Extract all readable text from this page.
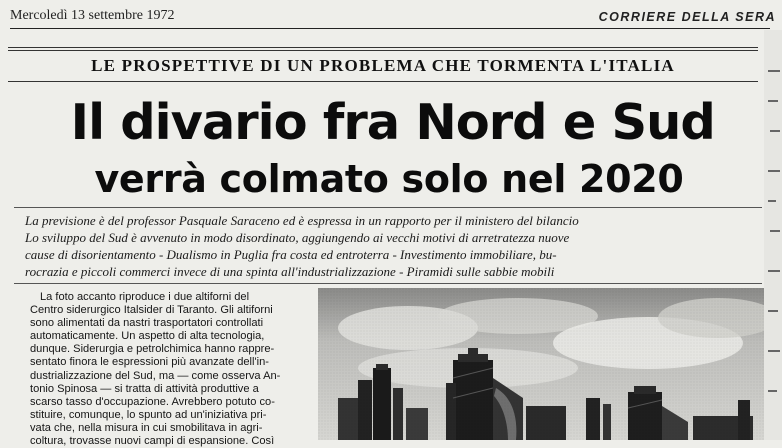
Mercoledì 13 settembre 1972	CORRIERE DELLA SERA
LE PROSPETTIVE DI UN PROBLEMA CHE TORMENTA L'ITALIA
Il divario fra Nord e Sud
verrà colmato solo nel 2020
La previsione è del professor Pasquale Saraceno ed è espressa in un rapporto per il ministero del bilancio
Lo sviluppo del Sud è avvenuto in modo disordinato, aggiungendo ai vecchi motivi di arretratezza nuove
cause di disorientamento - Dualismo in Puglia fra costa ed entroterra - Investimento immobiliare, bu-
rocrazia e piccoli commerci invece di una spinta all'industrializzazione - Piramidi sulle sabbie mobili
La foto accanto riproduce i due altiforni del
Centro siderurgico Italsider di Taranto. Gli altiforni
sono alimentati da nastri trasportatori controllati
automaticamente. Un aspetto di alta tecnologia,
dunque. Siderurgia e petrolchimica hanno rappre-
sentato finora le espressioni più avanzate dell'in-
dustrializzazione del Sud, ma — come osserva An-
tonio Spinosa — si tratta di attività produttive a
scarso tasso d'occupazione. Avrebbero potuto co-
stituire, comunque, lo spunto ad un'iniziativa pri-
vata che, nella misura in cui smobilitava in agri-
coltura, trovasse nuovi campi di espansione. Così
